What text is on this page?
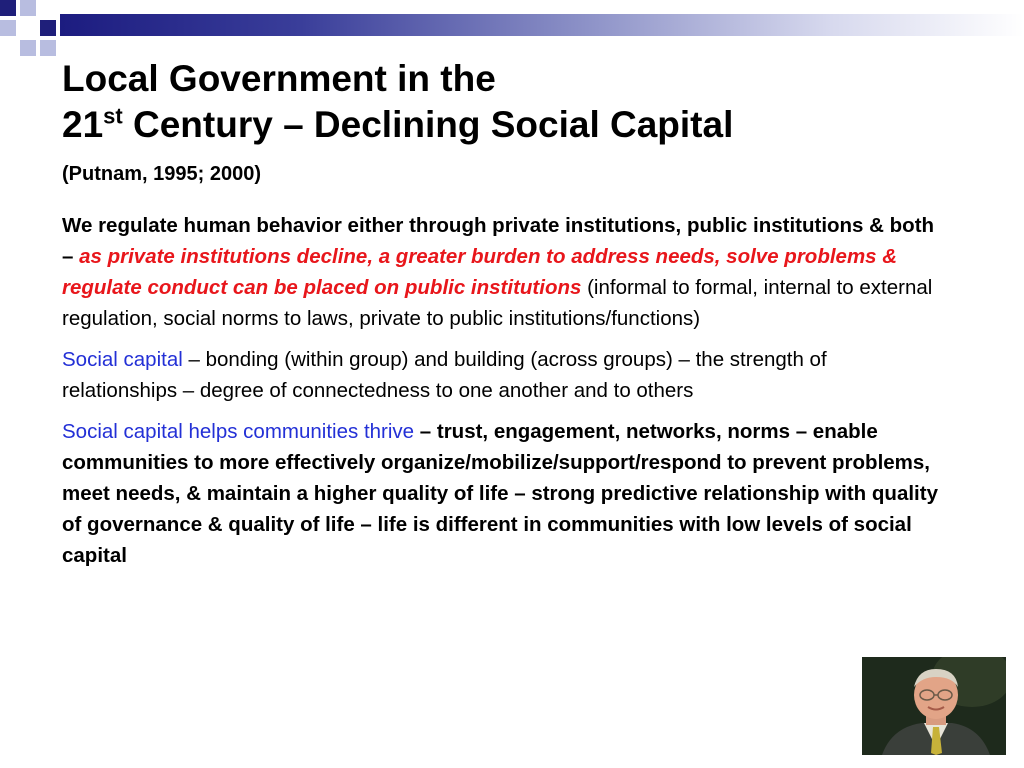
Local Government in the
21st Century – Declining Social Capital
(Putnam, 1995; 2000)

We regulate human behavior either through private institutions, public institutions & both – as private institutions decline, a greater burden to address needs, solve problems & regulate conduct can be placed on public institutions (informal to formal, internal to external regulation, social norms to laws, private to public institutions/functions)

Social capital – bonding (within group) and building (across groups) – the strength of relationships – degree of connectedness to one another and to others

Social capital helps communities thrive – trust, engagement, networks, norms – enable communities to more effectively organize/mobilize/support/respond to prevent problems, meet needs, & maintain a higher quality of life – strong predictive relationship with quality of governance & quality of life – life is different in communities with low levels of social capital
